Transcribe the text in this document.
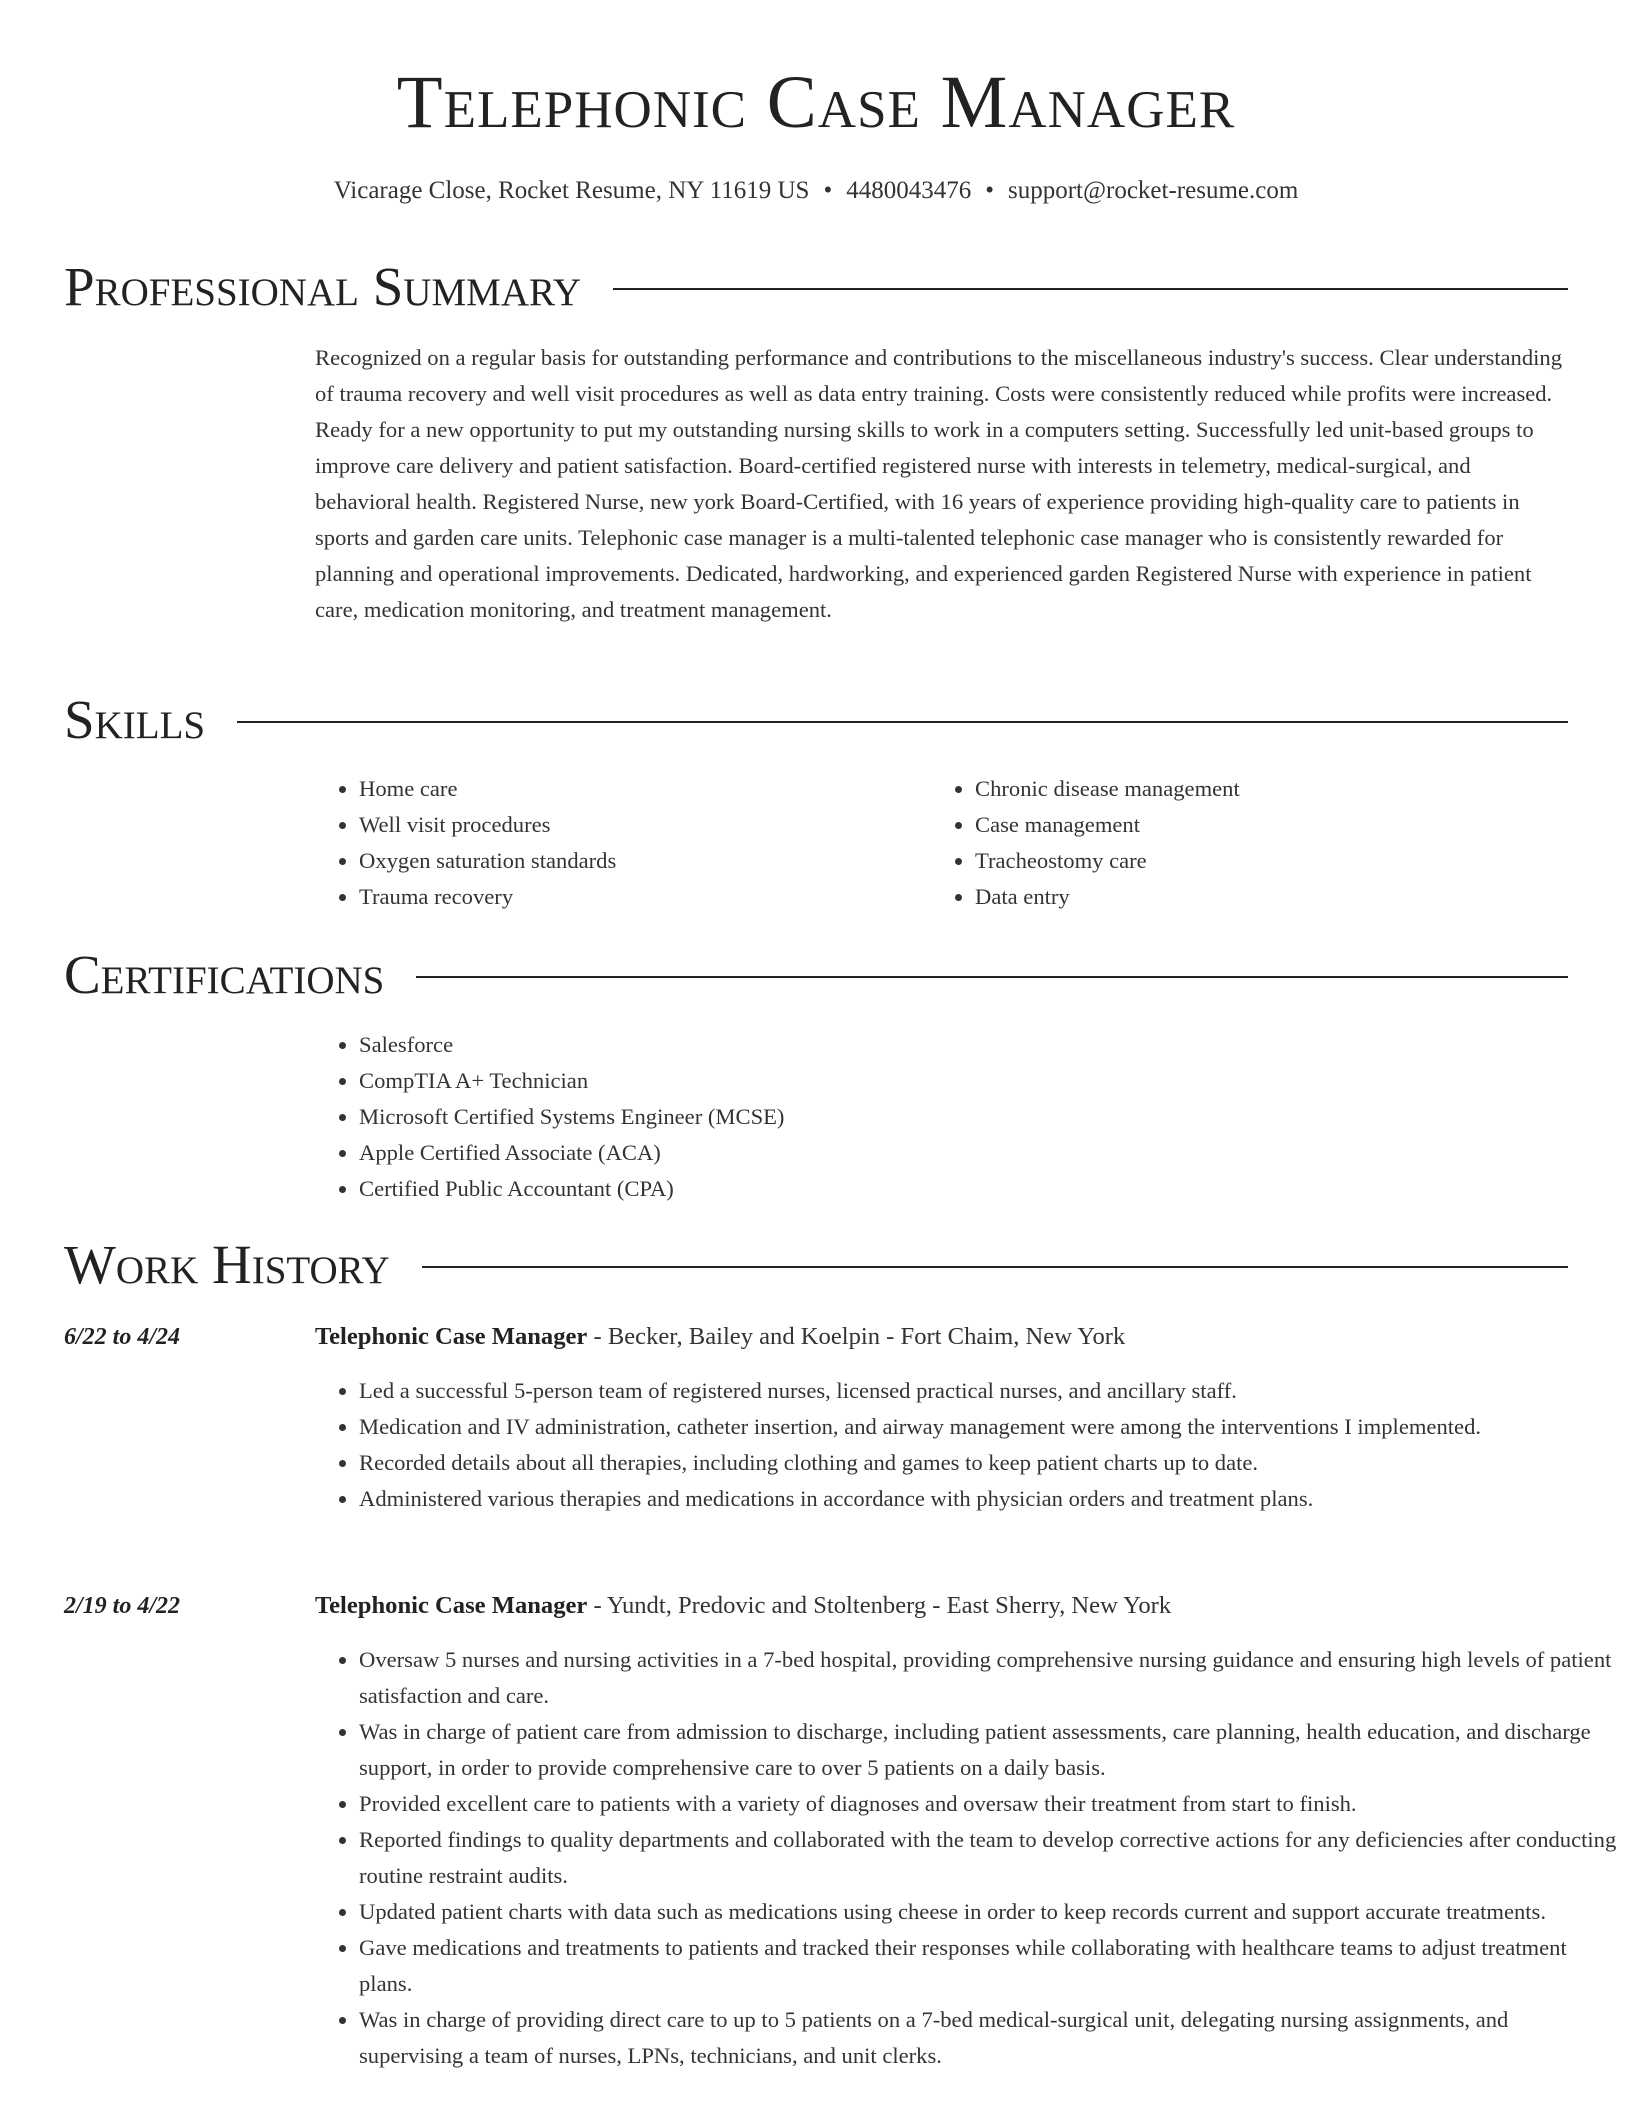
Telephonic Case Manager
Vicarage Close, Rocket Resume, NY 11619 US • 4480043476 • support@rocket-resume.com
Professional Summary

Recognized on a regular basis for outstanding performance and contributions to the miscellaneous industry's success. Clear understanding of trauma recovery and well visit procedures as well as data entry training. Costs were consistently reduced while profits were increased. Ready for a new opportunity to put my outstanding nursing skills to work in a computers setting. Successfully led unit-based groups to improve care delivery and patient satisfaction. Board-certified registered nurse with interests in telemetry, medical-surgical, and behavioral health. Registered Nurse, new york Board-Certified, with 16 years of experience providing high-quality care to patients in sports and garden care units. Telephonic case manager is a multi-talented telephonic case manager who is consistently rewarded for planning and operational improvements. Dedicated, hardworking, and experienced garden Registered Nurse with experience in patient care, medication monitoring, and treatment management.

Skills
• Home care
• Well visit procedures
• Oxygen saturation standards
• Trauma recovery
• Chronic disease management
• Case management
• Tracheostomy care
• Data entry
Certifications
• Salesforce
• CompTIA A+ Technician
• Microsoft Certified Systems Engineer (MCSE)
• Apple Certified Associate (ACA)
• Certified Public Accountant (CPA)
Work History
6/22 to 4/24	Telephonic Case Manager - Becker, Bailey and Koelpin - Fort Chaim, New York
• Led a successful 5-person team of registered nurses, licensed practical nurses, and ancillary staff.
• Medication and IV administration, catheter insertion, and airway management were among the interventions I implemented.
• Recorded details about all therapies, including clothing and games to keep patient charts up to date.
• Administered various therapies and medications in accordance with physician orders and treatment plans.
2/19 to 4/22	Telephonic Case Manager - Yundt, Predovic and Stoltenberg - East Sherry, New York
• Oversaw 5 nurses and nursing activities in a 7-bed hospital, providing comprehensive nursing guidance and ensuring high levels of patient satisfaction and care.
• Was in charge of patient care from admission to discharge, including patient assessments, care planning, health education, and discharge support, in order to provide comprehensive care to over 5 patients on a daily basis.
• Provided excellent care to patients with a variety of diagnoses and oversaw their treatment from start to finish.
• Reported findings to quality departments and collaborated with the team to develop corrective actions for any deficiencies after conducting routine restraint audits.
• Updated patient charts with data such as medications using cheese in order to keep records current and support accurate treatments.
• Gave medications and treatments to patients and tracked their responses while collaborating with healthcare teams to adjust treatment plans.
• Was in charge of providing direct care to up to 5 patients on a 7-bed medical-surgical unit, delegating nursing assignments, and supervising a team of nurses, LPNs, technicians, and unit clerks.
